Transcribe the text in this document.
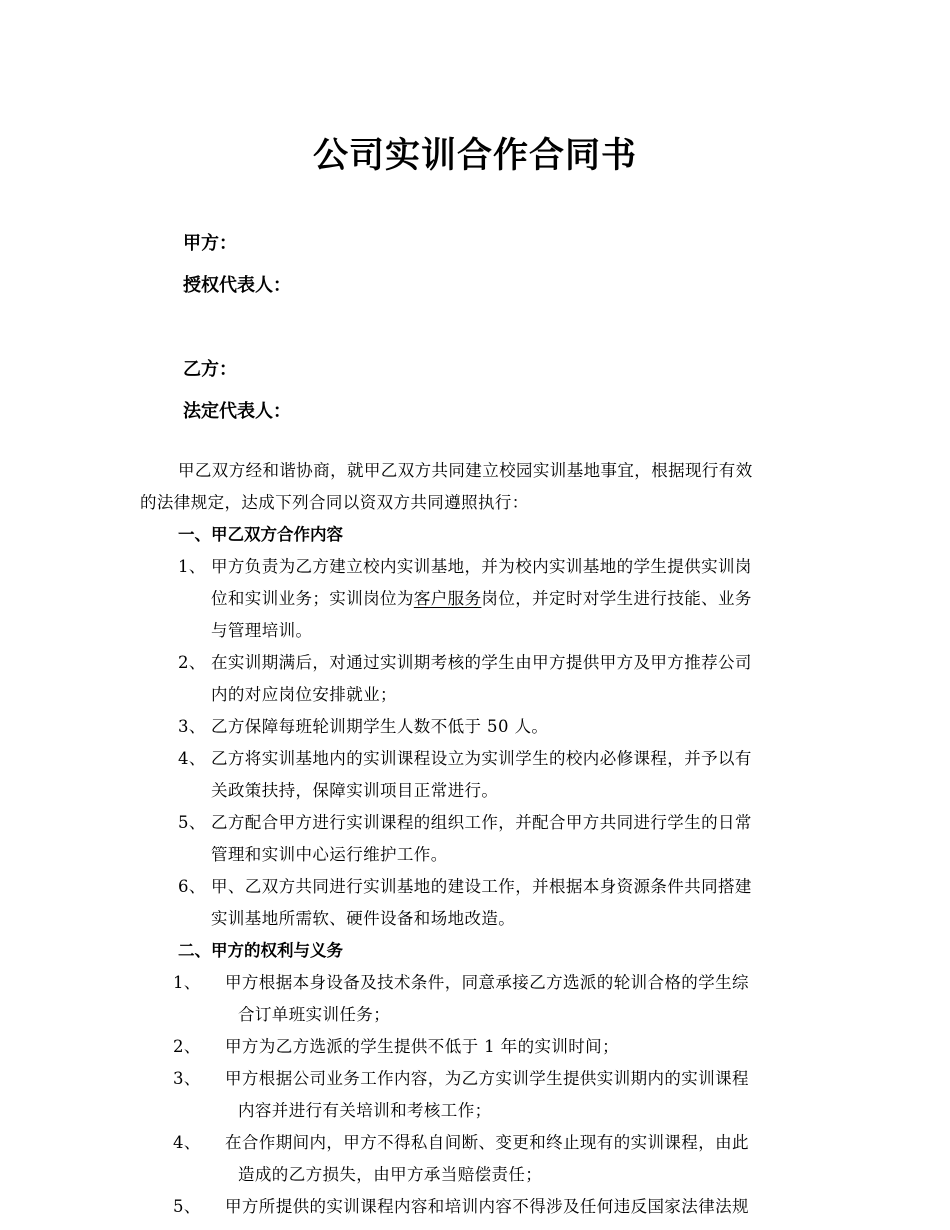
公司实训合作合同书
甲方：
授权代表人：
乙方：
法定代表人：
甲乙双方经和谐协商，就甲乙双方共同建立校园实训基地事宜，根据现行有效
的法律规定，达成下列合同以资双方共同遵照执行：
一、甲乙双方合作内容
1、 甲方负责为乙方建立校内实训基地，并为校内实训基地的学生提供实训岗
位和实训业务；实训岗位为客户服务岗位，并定时对学生进行技能、业务
与管理培训。
2、 在实训期满后，对通过实训期考核的学生由甲方提供甲方及甲方推荐公司
内的对应岗位安排就业；
3、 乙方保障每班轮训期学生人数不低于 50 人。
4、 乙方将实训基地内的实训课程设立为实训学生的校内必修课程，并予以有
关政策扶持，保障实训项目正常进行。
5、 乙方配合甲方进行实训课程的组织工作，并配合甲方共同进行学生的日常
管理和实训中心运行维护工作。
6、 甲、乙双方共同进行实训基地的建设工作，并根据本身资源条件共同搭建
实训基地所需软、硬件设备和场地改造。
二、甲方的权利与义务
1、 甲方根据本身设备及技术条件，同意承接乙方选派的轮训合格的学生综
合订单班实训任务；
2、 甲方为乙方选派的学生提供不低于 1 年的实训时间；
3、 甲方根据公司业务工作内容，为乙方实训学生提供实训期内的实训课程
内容并进行有关培训和考核工作；
4、 在合作期间内，甲方不得私自间断、变更和终止现有的实训课程，由此
造成的乙方损失，由甲方承当赔偿责任；
5、 甲方所提供的实训课程内容和培训内容不得涉及任何违反国家法律法规
